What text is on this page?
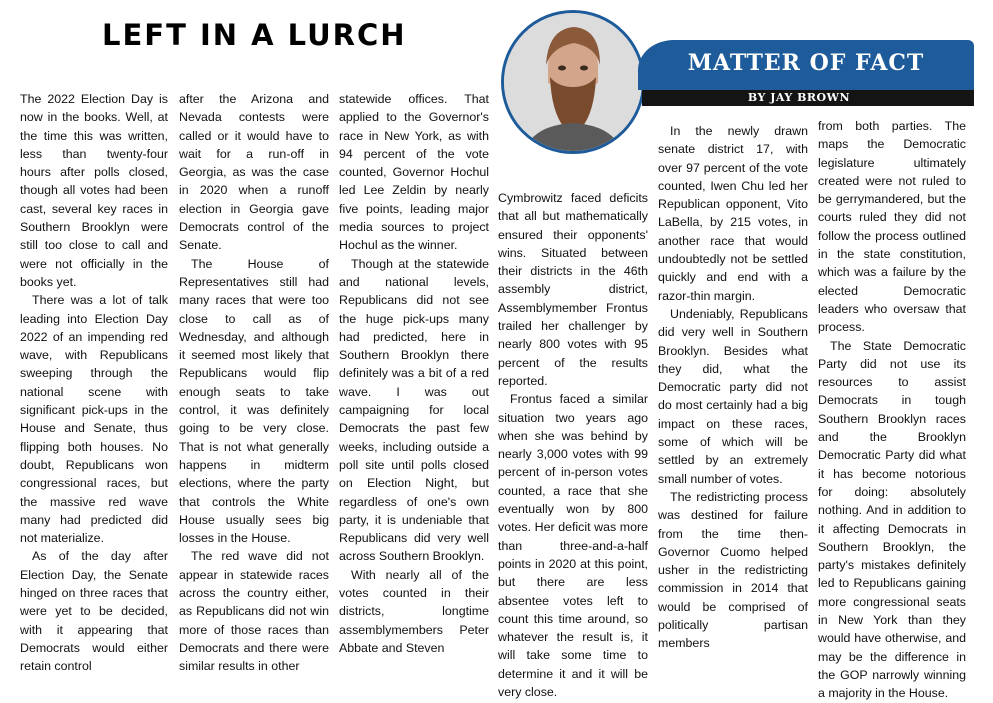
LEFT IN A LURCH
MATTER OF FACT
BY JAY BROWN

The 2022 Election Day is now in the books. Well, at the time this was written, less than twenty-four hours after polls closed, though all votes had been cast, several key races in Southern Brooklyn were still too close to call and were not officially in the books yet.

There was a lot of talk leading into Election Day 2022 of an impending red wave, with Republicans sweeping through the national scene with significant pick-ups in the House and Senate, thus flipping both houses. No doubt, Republicans won congressional races, but the massive red wave many had predicted did not materialize.

As of the day after Election Day, the Senate hinged on three races that were yet to be decided, with it appearing that Democrats would either retain control

after the Arizona and Nevada contests were called or it would have to wait for a run-off in Georgia, as was the case in 2020 when a runoff election in Georgia gave Democrats control of the Senate.

The House of Representatives still had many races that were too close to call as of Wednesday, and although it seemed most likely that Republicans would flip enough seats to take control, it was definitely going to be very close. That is not what generally happens in midterm elections, where the party that controls the White House usually sees big losses in the House.

The red wave did not appear in statewide races across the country either, as Republicans did not win more of those races than Democrats and there were similar results in other

statewide offices. That applied to the Governor's race in New York, as with 94 percent of the vote counted, Governor Hochul led Lee Zeldin by nearly five points, leading major media sources to project Hochul as the winner.

Though at the statewide and national levels, Republicans did not see the huge pick-ups many had predicted, here in Southern Brooklyn there definitely was a bit of a red wave. I was out campaigning for local Democrats the past few weeks, including outside a poll site until polls closed on Election Night, but regardless of one's own party, it is undeniable that Republicans did very well across Southern Brooklyn.

With nearly all of the votes counted in their districts, longtime assemblymembers Peter Abbate and Steven

Cymbrowitz faced deficits that all but mathematically ensured their opponents' wins. Situated between their districts in the 46th assembly district, Assemblymember Frontus trailed her challenger by nearly 800 votes with 95 percent of the results reported.

Frontus faced a similar situation two years ago when she was behind by nearly 3,000 votes with 99 percent of in-person votes counted, a race that she eventually won by 800 votes. Her deficit was more than three-and-a-half points in 2020 at this point, but there are less absentee votes left to count this time around, so whatever the result is, it will take some time to determine it and it will be very close.

In the newly drawn senate district 17, with over 97 percent of the vote counted, Iwen Chu led her Republican opponent, Vito LaBella, by 215 votes, in another race that would undoubtedly not be settled quickly and end with a razor-thin margin.

Undeniably, Republicans did very well in Southern Brooklyn. Besides what they did, what the Democratic party did not do most certainly had a big impact on these races, some of which will be settled by an extremely small number of votes.

The redistricting process was destined for failure from the time then-Governor Cuomo helped usher in the redistricting commission in 2014 that would be comprised of politically partisan members

from both parties. The maps the Democratic legislature ultimately created were not ruled to be gerrymandered, but the courts ruled they did not follow the process outlined in the state constitution, which was a failure by the elected Democratic leaders who oversaw that process.

The State Democratic Party did not use its resources to assist Democrats in tough Southern Brooklyn races and the Brooklyn Democratic Party did what it has become notorious for doing: absolutely nothing. And in addition to it affecting Democrats in Southern Brooklyn, the party's mistakes definitely led to Republicans gaining more congressional seats in New York than they would have otherwise, and may be the difference in the GOP narrowly winning a majority in the House.
